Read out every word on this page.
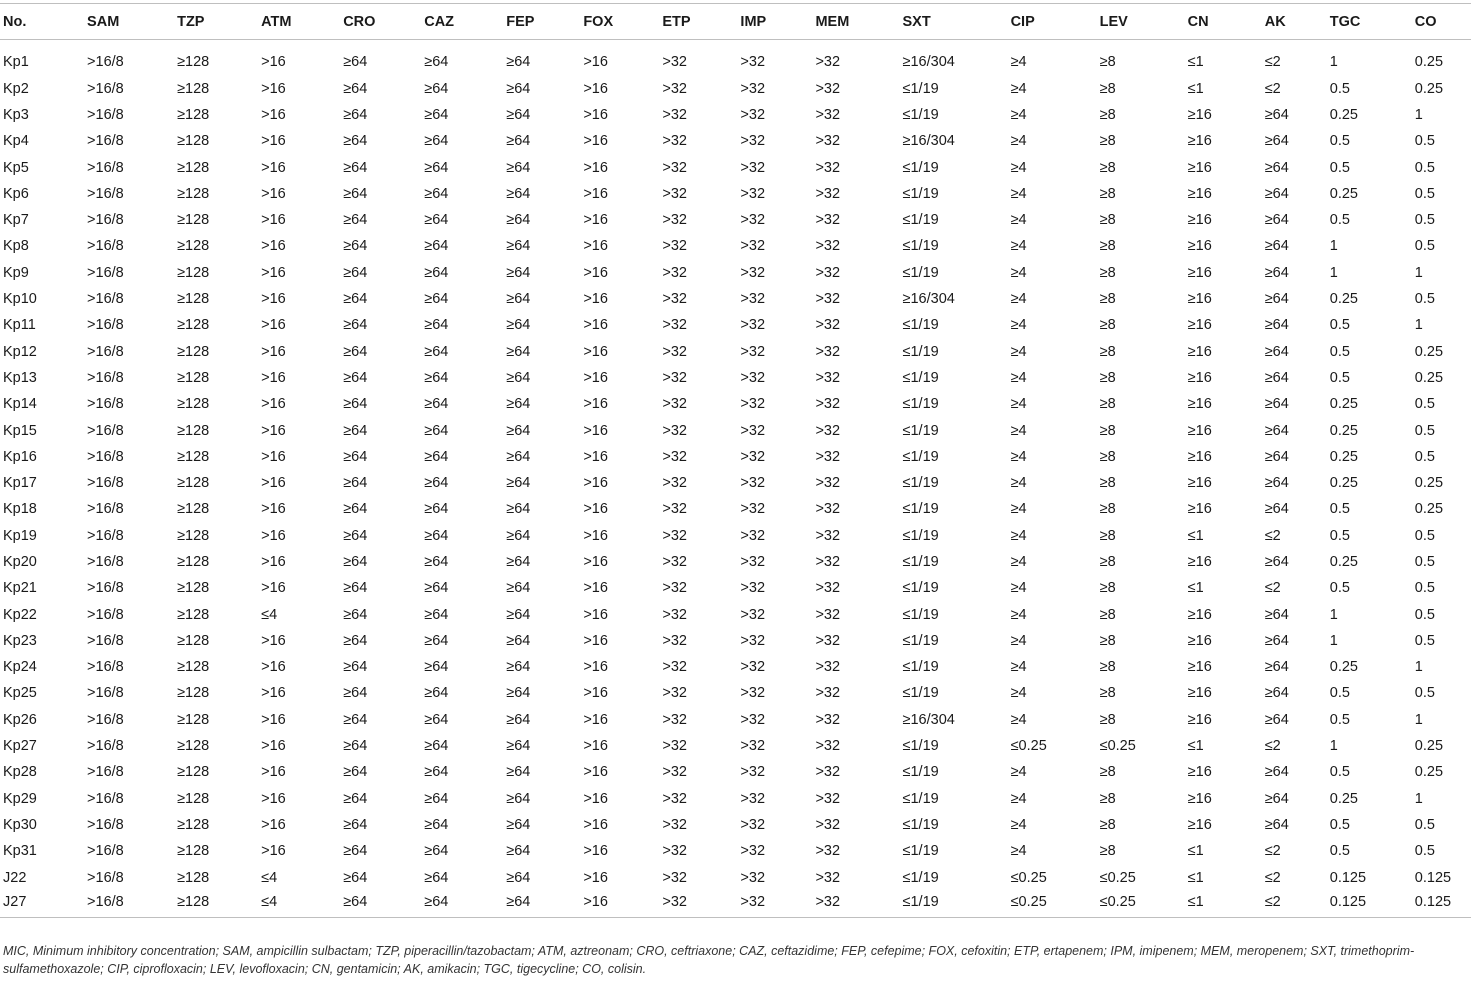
No.	SAM	TZP	ATM	CRO	CAZ	FEP	FOX	ETP	IMP	MEM	SXT	CIP	LEV	CN	AK	TGC	CO
Kp1	>16/8	≥128	>16	≥64	≥64	≥64	>16	>32	>32	>32	≥16/304	≥4	≥8	≤1	≤2	1	0.25
Kp2	>16/8	≥128	>16	≥64	≥64	≥64	>16	>32	>32	>32	≤1/19	≥4	≥8	≤1	≤2	0.5	0.25
Kp3	>16/8	≥128	>16	≥64	≥64	≥64	>16	>32	>32	>32	≤1/19	≥4	≥8	≥16	≥64	0.25	1
Kp4	>16/8	≥128	>16	≥64	≥64	≥64	>16	>32	>32	>32	≥16/304	≥4	≥8	≥16	≥64	0.5	0.5
Kp5	>16/8	≥128	>16	≥64	≥64	≥64	>16	>32	>32	>32	≤1/19	≥4	≥8	≥16	≥64	0.5	0.5
Kp6	>16/8	≥128	>16	≥64	≥64	≥64	>16	>32	>32	>32	≤1/19	≥4	≥8	≥16	≥64	0.25	0.5
Kp7	>16/8	≥128	>16	≥64	≥64	≥64	>16	>32	>32	>32	≤1/19	≥4	≥8	≥16	≥64	0.5	0.5
Kp8	>16/8	≥128	>16	≥64	≥64	≥64	>16	>32	>32	>32	≤1/19	≥4	≥8	≥16	≥64	1	0.5
Kp9	>16/8	≥128	>16	≥64	≥64	≥64	>16	>32	>32	>32	≤1/19	≥4	≥8	≥16	≥64	1	1
Kp10	>16/8	≥128	>16	≥64	≥64	≥64	>16	>32	>32	>32	≥16/304	≥4	≥8	≥16	≥64	0.25	0.5
Kp11	>16/8	≥128	>16	≥64	≥64	≥64	>16	>32	>32	>32	≤1/19	≥4	≥8	≥16	≥64	0.5	1
Kp12	>16/8	≥128	>16	≥64	≥64	≥64	>16	>32	>32	>32	≤1/19	≥4	≥8	≥16	≥64	0.5	0.25
Kp13	>16/8	≥128	>16	≥64	≥64	≥64	>16	>32	>32	>32	≤1/19	≥4	≥8	≥16	≥64	0.5	0.25
Kp14	>16/8	≥128	>16	≥64	≥64	≥64	>16	>32	>32	>32	≤1/19	≥4	≥8	≥16	≥64	0.25	0.5
Kp15	>16/8	≥128	>16	≥64	≥64	≥64	>16	>32	>32	>32	≤1/19	≥4	≥8	≥16	≥64	0.25	0.5
Kp16	>16/8	≥128	>16	≥64	≥64	≥64	>16	>32	>32	>32	≤1/19	≥4	≥8	≥16	≥64	0.25	0.5
Kp17	>16/8	≥128	>16	≥64	≥64	≥64	>16	>32	>32	>32	≤1/19	≥4	≥8	≥16	≥64	0.25	0.25
Kp18	>16/8	≥128	>16	≥64	≥64	≥64	>16	>32	>32	>32	≤1/19	≥4	≥8	≥16	≥64	0.5	0.25
Kp19	>16/8	≥128	>16	≥64	≥64	≥64	>16	>32	>32	>32	≤1/19	≥4	≥8	≤1	≤2	0.5	0.5
Kp20	>16/8	≥128	>16	≥64	≥64	≥64	>16	>32	>32	>32	≤1/19	≥4	≥8	≥16	≥64	0.25	0.5
Kp21	>16/8	≥128	>16	≥64	≥64	≥64	>16	>32	>32	>32	≤1/19	≥4	≥8	≤1	≤2	0.5	0.5
Kp22	>16/8	≥128	≤4	≥64	≥64	≥64	>16	>32	>32	>32	≤1/19	≥4	≥8	≥16	≥64	1	0.5
Kp23	>16/8	≥128	>16	≥64	≥64	≥64	>16	>32	>32	>32	≤1/19	≥4	≥8	≥16	≥64	1	0.5
Kp24	>16/8	≥128	>16	≥64	≥64	≥64	>16	>32	>32	>32	≤1/19	≥4	≥8	≥16	≥64	0.25	1
Kp25	>16/8	≥128	>16	≥64	≥64	≥64	>16	>32	>32	>32	≤1/19	≥4	≥8	≥16	≥64	0.5	0.5
Kp26	>16/8	≥128	>16	≥64	≥64	≥64	>16	>32	>32	>32	≥16/304	≥4	≥8	≥16	≥64	0.5	1
Kp27	>16/8	≥128	>16	≥64	≥64	≥64	>16	>32	>32	>32	≤1/19	≤0.25	≤0.25	≤1	≤2	1	0.25
Kp28	>16/8	≥128	>16	≥64	≥64	≥64	>16	>32	>32	>32	≤1/19	≥4	≥8	≥16	≥64	0.5	0.25
Kp29	>16/8	≥128	>16	≥64	≥64	≥64	>16	>32	>32	>32	≤1/19	≥4	≥8	≥16	≥64	0.25	1
Kp30	>16/8	≥128	>16	≥64	≥64	≥64	>16	>32	>32	>32	≤1/19	≥4	≥8	≥16	≥64	0.5	0.5
Kp31	>16/8	≥128	>16	≥64	≥64	≥64	>16	>32	>32	>32	≤1/19	≥4	≥8	≤1	≤2	0.5	0.5
J22	>16/8	≥128	≤4	≥64	≥64	≥64	>16	>32	>32	>32	≤1/19	≤0.25	≤0.25	≤1	≤2	0.125	0.125
J27	>16/8	≥128	≤4	≥64	≥64	≥64	>16	>32	>32	>32	≤1/19	≤0.25	≤0.25	≤1	≤2	0.125	0.125
MIC, Minimum inhibitory concentration; SAM, ampicillin sulbactam; TZP, piperacillin/tazobactam; ATM, aztreonam; CRO, ceftriaxone; CAZ, ceftazidime; FEP, cefepime; FOX, cefoxitin; ETP, ertapenem; IPM, imipenem; MEM, meropenem; SXT, trimethoprim-sulfamethoxazole; CIP, ciprofloxacin; LEV, levofloxacin; CN, gentamicin; AK, amikacin; TGC, tigecycline; CO, colisin.
